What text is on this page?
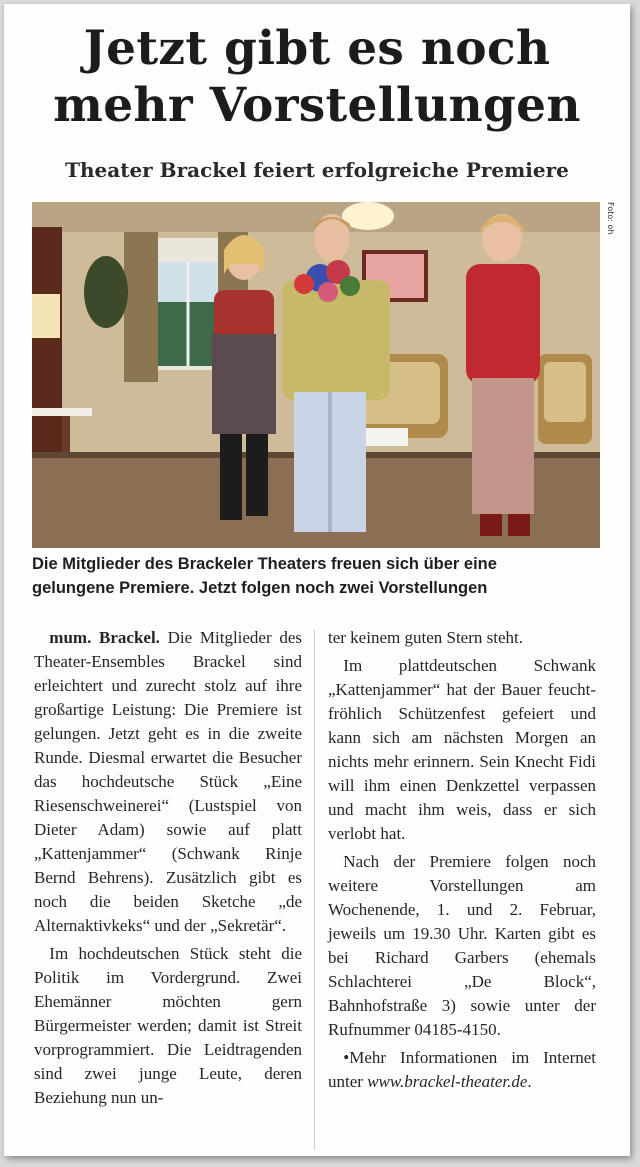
Jetzt gibt es noch
mehr Vorstellungen
Theater Brackel feiert erfolgreiche Premiere
Foto: oh

Die Mitglieder des Brackeler Theaters freuen sich über eine
gelungene Premiere. Jetzt folgen noch zwei Vorstellungen

mum. Brackel. Die Mitglieder des Theater-Ensembles Brackel sind erleichtert und zurecht stolz auf ihre großartige Leistung: Die Premiere ist gelungen. Jetzt geht es in die zweite Runde. Diesmal erwartet die Besucher das hochdeutsche Stück „Eine Riesenschweinerei“ (Lustspiel von Dieter Adam) sowie auf platt „Kattenjammer“ (Schwank Rinje Bernd Behrens). Zusätzlich gibt es noch die beiden Sketche „de Alternaktivkeks“ und der „Sekretär“.

Im hochdeutschen Stück steht die Politik im Vordergrund. Zwei Ehemänner möchten gern Bürgermeister werden; damit ist Streit vorprogrammiert. Die Leidtragenden sind zwei junge Leute, deren Beziehung nun un-

ter keinem guten Stern steht.

Im plattdeutschen Schwank „Kattenjammer“ hat der Bauer feucht-fröhlich Schützenfest gefeiert und kann sich am nächsten Morgen an nichts mehr erinnern. Sein Knecht Fidi will ihm einen Denkzettel verpassen und macht ihm weis, dass er sich verlobt hat.

Nach der Premiere folgen noch weitere Vorstellungen am Wochenende, 1. und 2. Februar, jeweils um 19.30 Uhr. Karten gibt es bei Richard Garbers (ehemals Schlachterei „De Block“, Bahnhofstraße 3) sowie unter der Rufnummer 04185-4150.

•Mehr Informationen im Internet unter www.brackel-theater.de.
